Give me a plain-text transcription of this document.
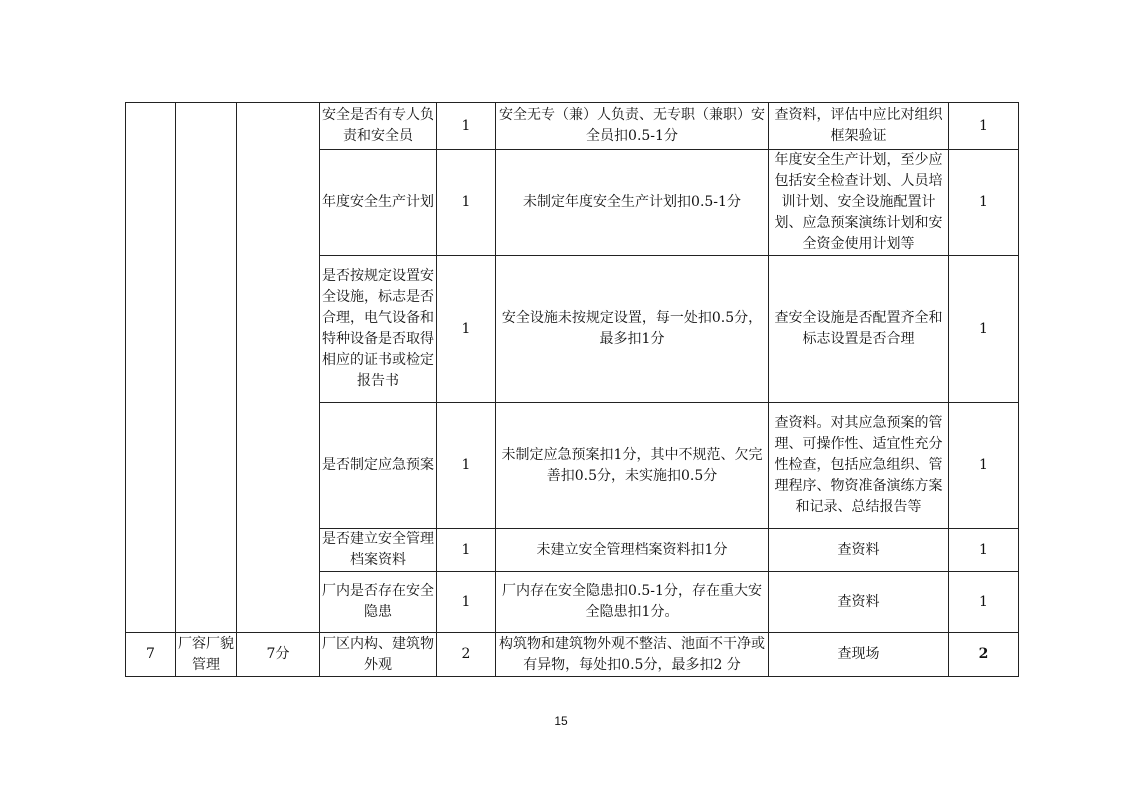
			安全是否有专人负责和安全员	1	安全无专（兼）人负责、无专职（兼职）安全员扣0.5-1分	查资料，评估中应比对组织框架验证	1
			年度安全生产计划	1	未制定年度安全生产计划扣0.5-1分	年度安全生产计划，至少应包括安全检查计划、人员培训计划、安全设施配置计划、应急预案演练计划和安全资金使用计划等	1
			是否按规定设置安全设施，标志是否合理，电气设备和特种设备是否取得相应的证书或检定报告书	1	安全设施未按规定设置，每一处扣0.5分，最多扣1分	查安全设施是否配置齐全和标志设置是否合理	1
			是否制定应急预案	1	未制定应急预案扣1分，其中不规范、欠完善扣0.5分，未实施扣0.5分	查资料。对其应急预案的管理、可操作性、适宜性充分性检查，包括应急组织、管理程序、物资准备演练方案和记录、总结报告等	1
			是否建立安全管理档案资料	1	未建立安全管理档案资料扣1分	查资料	1
			厂内是否存在安全隐患	1	厂内存在安全隐患扣0.5-1分，存在重大安全隐患扣1分。	查资料	1
7	厂容厂貌管理	7分	厂区内构、建筑物外观	2	构筑物和建筑物外观不整洁、池面不干净或有异物，每处扣0.5分，最多扣2 分	查现场	2
15
